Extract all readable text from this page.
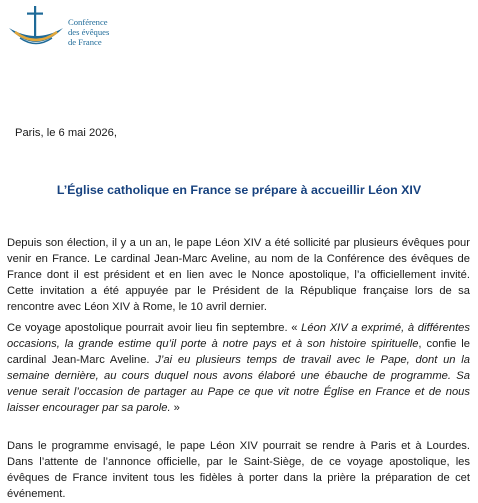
Conférence
des évêques
de France
Paris, le 6 mai 2026,
L’Église catholique en France se prépare à accueillir Léon XIV

Depuis son élection, il y a un an, le pape Léon XIV a été sollicité par plusieurs évêques pour venir en France. Le cardinal Jean-Marc Aveline, au nom de la Conférence des évêques de France dont il est président et en lien avec le Nonce apostolique, l’a officiellement invité. Cette invitation a été appuyée par le Président de la République française lors de sa rencontre avec Léon XIV à Rome, le 10 avril dernier.

Ce voyage apostolique pourrait avoir lieu fin septembre. « Léon XIV a exprimé, à différentes occasions, la grande estime qu’il porte à notre pays et à son histoire spirituelle, confie le cardinal Jean-Marc Aveline. J’ai eu plusieurs temps de travail avec le Pape, dont un la semaine dernière, au cours duquel nous avons élaboré une ébauche de programme. Sa venue serait l’occasion de partager au Pape ce que vit notre Église en France et de nous laisser encourager par sa parole. »

Dans le programme envisagé, le pape Léon XIV pourrait se rendre à Paris et à Lourdes. Dans l’attente de l’annonce officielle, par le Saint-Siège, de ce voyage apostolique, les évêques de France invitent tous les fidèles à porter dans la prière la préparation de cet événement.
